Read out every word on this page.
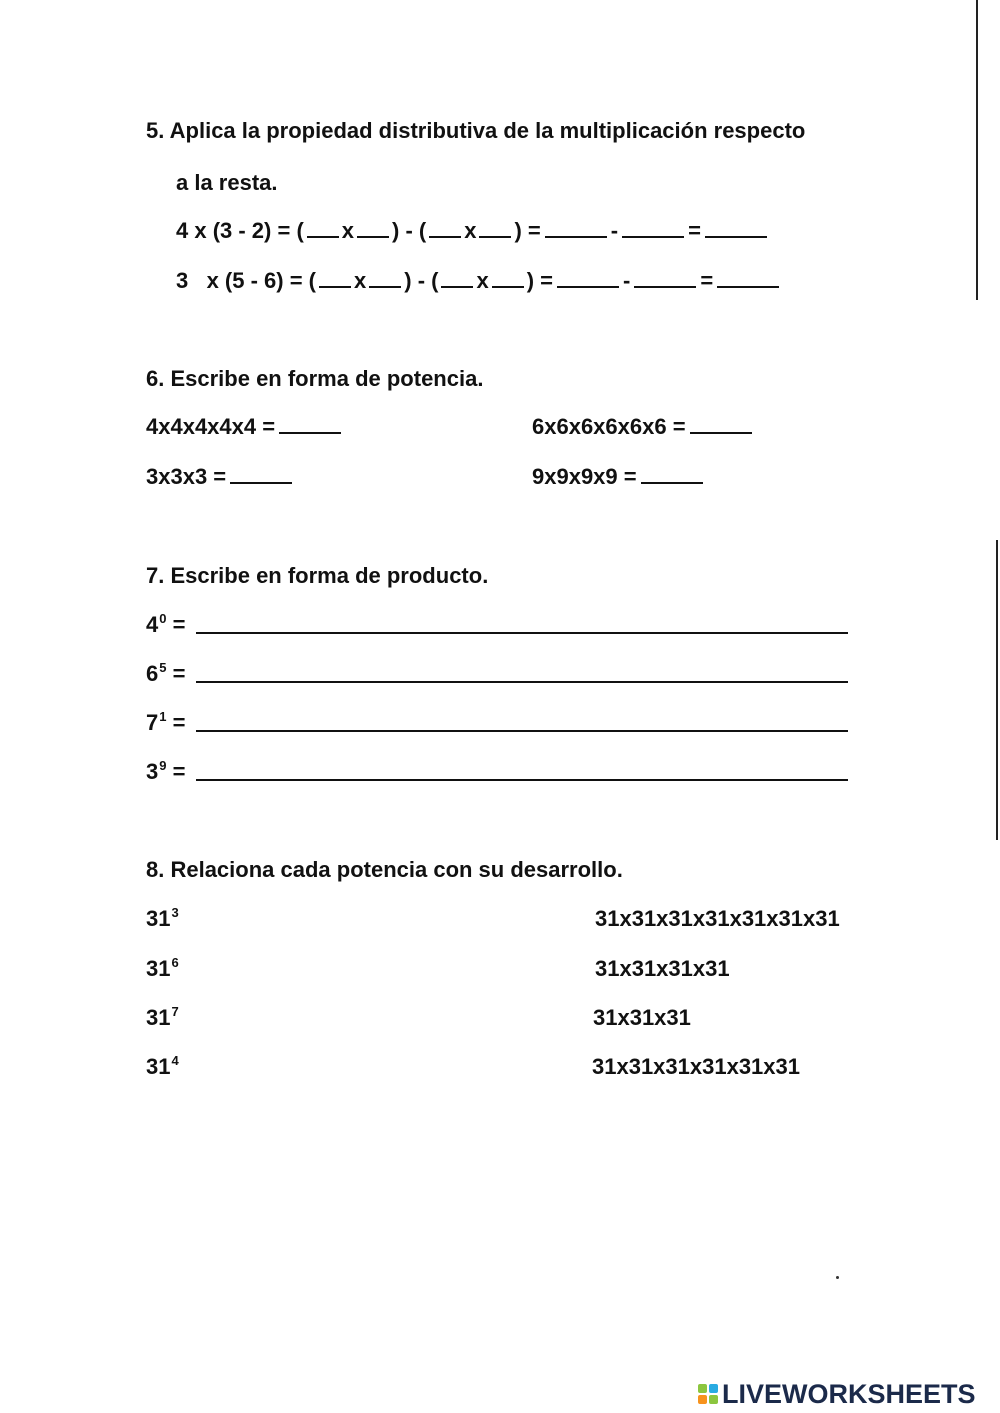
5. Aplica la propiedad distributiva de la multiplicación respecto
a la resta.
4 x (3 - 2) = ( x ) - ( x ) =	-	=
3   x (5 - 6) = ( x ) - ( x ) =	-	=
6. Escribe en forma de potencia.
4x4x4x4x4 =	6x6x6x6x6x6 =
3x3x3 =	9x9x9x9 =
7. Escribe en forma de producto.
$4^0$ =
$6^5$ =
$7^1$ =
$3^9$ =
8. Relaciona cada potencia con su desarrollo.
$31^3$	31x31x31x31x31x31x31
$31^6$	31x31x31x31
$31^7$	31x31x31
$31^4$	31x31x31x31x31x31
LIVEWORKSHEETS
